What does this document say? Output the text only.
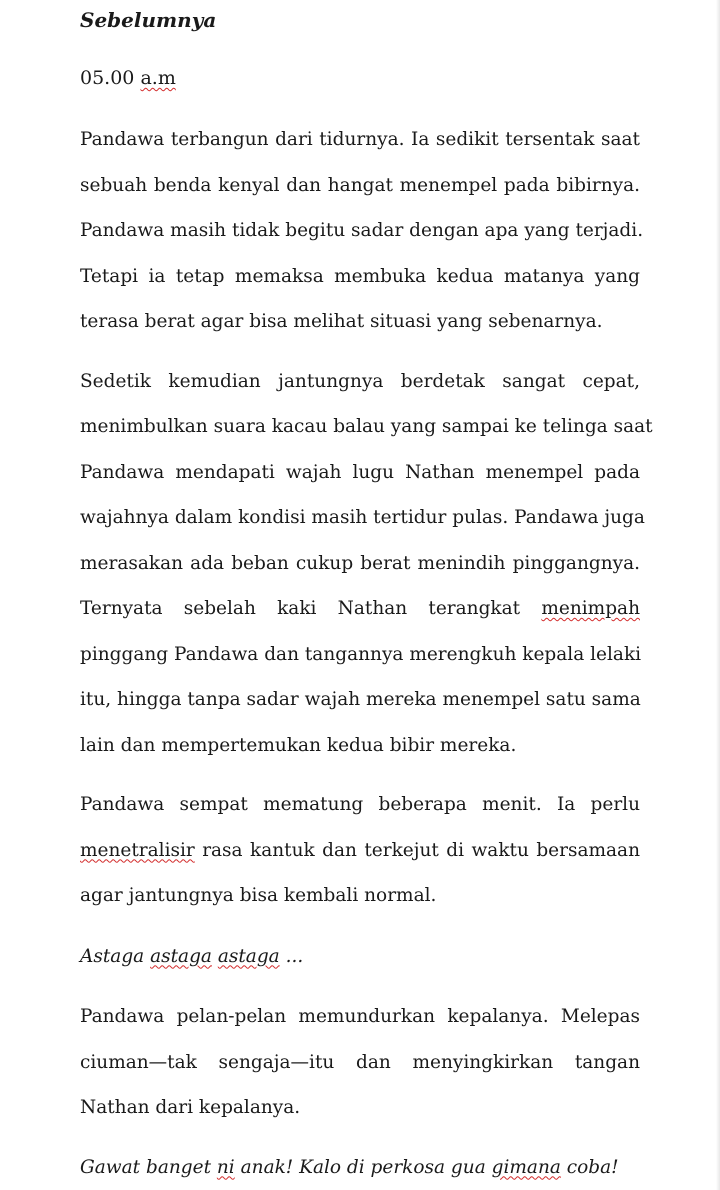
Sebelumnya

05.00 a.m

Pandawa terbangun dari tidurnya. Ia sedikit tersentak saat
sebuah benda kenyal dan hangat menempel pada bibirnya.
Pandawa masih tidak begitu sadar dengan apa yang terjadi.
Tetapi ia tetap memaksa membuka kedua matanya yang
terasa berat agar bisa melihat situasi yang sebenarnya.

Sedetik kemudian jantungnya berdetak sangat cepat,
menimbulkan suara kacau balau yang sampai ke telinga saat
Pandawa mendapati wajah lugu Nathan menempel pada
wajahnya dalam kondisi masih tertidur pulas. Pandawa juga
merasakan ada beban cukup berat menindih pinggangnya.
Ternyata sebelah kaki Nathan terangkat menimpah
pinggang Pandawa dan tangannya merengkuh kepala lelaki
itu, hingga tanpa sadar wajah mereka menempel satu sama
lain dan mempertemukan kedua bibir mereka.

Pandawa sempat mematung beberapa menit. Ia perlu
menetralisir rasa kantuk dan terkejut di waktu bersamaan
agar jantungnya bisa kembali normal.

Astaga astaga astaga ...

Pandawa pelan-pelan memundurkan kepalanya. Melepas
ciuman—tak sengaja—itu dan menyingkirkan tangan
Nathan dari kepalanya.

Gawat banget ni anak! Kalo di perkosa gua gimana coba!
